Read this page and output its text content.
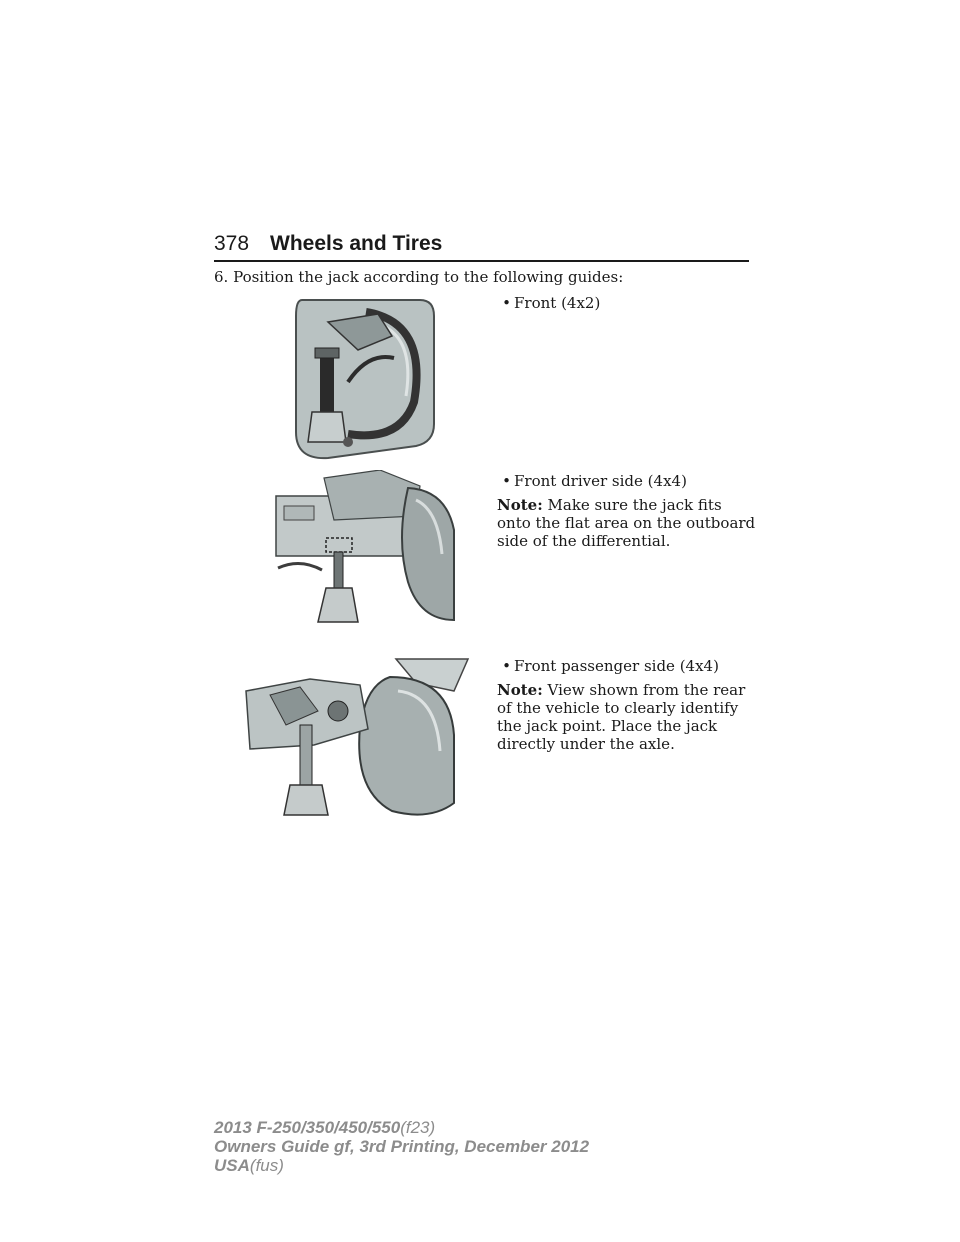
378 Wheels and Tires

6. Position the jack according to the following guides:

• Front (4x2)

• Front driver side (4x4)

Note: Make sure the jack fits onto the flat area on the outboard side of the differential.

• Front passenger side (4x4)

Note: View shown from the rear of the vehicle to clearly identify the jack point. Place the jack directly under the axle.

2013 F-250/350/450/550(f23)
Owners Guide gf, 3rd Printing, December 2012
USA(fus)
